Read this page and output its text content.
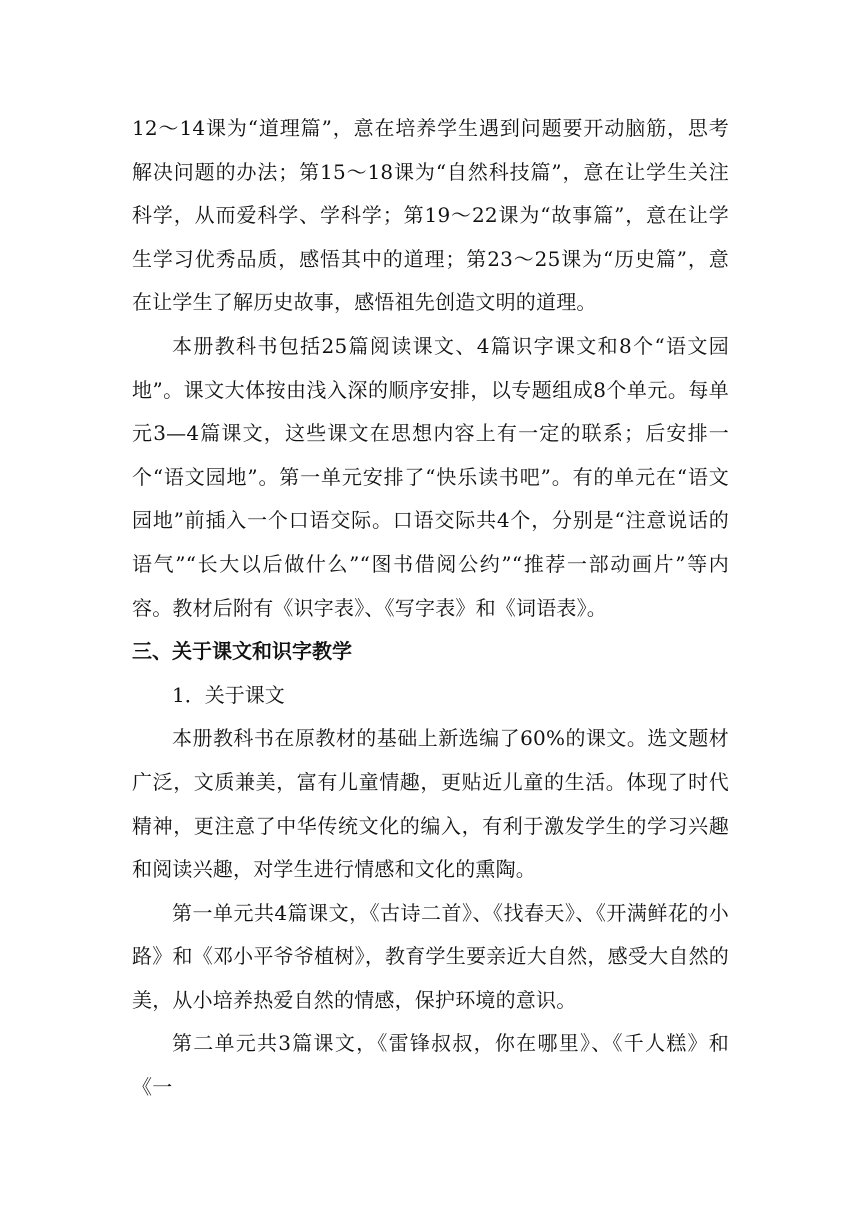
12～14课为“道理篇”，意在培养学生遇到问题要开动脑筋，思考解决问题的办法；第15～18课为“自然科技篇”，意在让学生关注科学，从而爱科学、学科学；第19～22课为“故事篇”，意在让学生学习优秀品质，感悟其中的道理；第23～25课为“历史篇”，意在让学生了解历史故事，感悟祖先创造文明的道理。

本册教科书包括25篇阅读课文、4篇识字课文和8个“语文园地”。课文大体按由浅入深的顺序安排，以专题组成8个单元。每单元3—4篇课文，这些课文在思想内容上有一定的联系；后安排一个“语文园地”。第一单元安排了“快乐读书吧”。有的单元在“语文园地”前插入一个口语交际。口语交际共4个，分别是“注意说话的语气”“长大以后做什么”“图书借阅公约”“推荐一部动画片”等内容。教材后附有《识字表》、《写字表》和《词语表》。

三、关于课文和识字教学

1．关于课文

本册教科书在原教材的基础上新选编了60%的课文。选文题材广泛，文质兼美，富有儿童情趣，更贴近儿童的生活。体现了时代精神，更注意了中华传统文化的编入，有利于激发学生的学习兴趣和阅读兴趣，对学生进行情感和文化的熏陶。

第一单元共4篇课文，《古诗二首》、《找春天》、《开满鲜花的小路》和《邓小平爷爷植树》，教育学生要亲近大自然，感受大自然的美，从小培养热爱自然的情感，保护环境的意识。

第二单元共3篇课文，《雷锋叔叔，你在哪里》、《千人糕》和《一
